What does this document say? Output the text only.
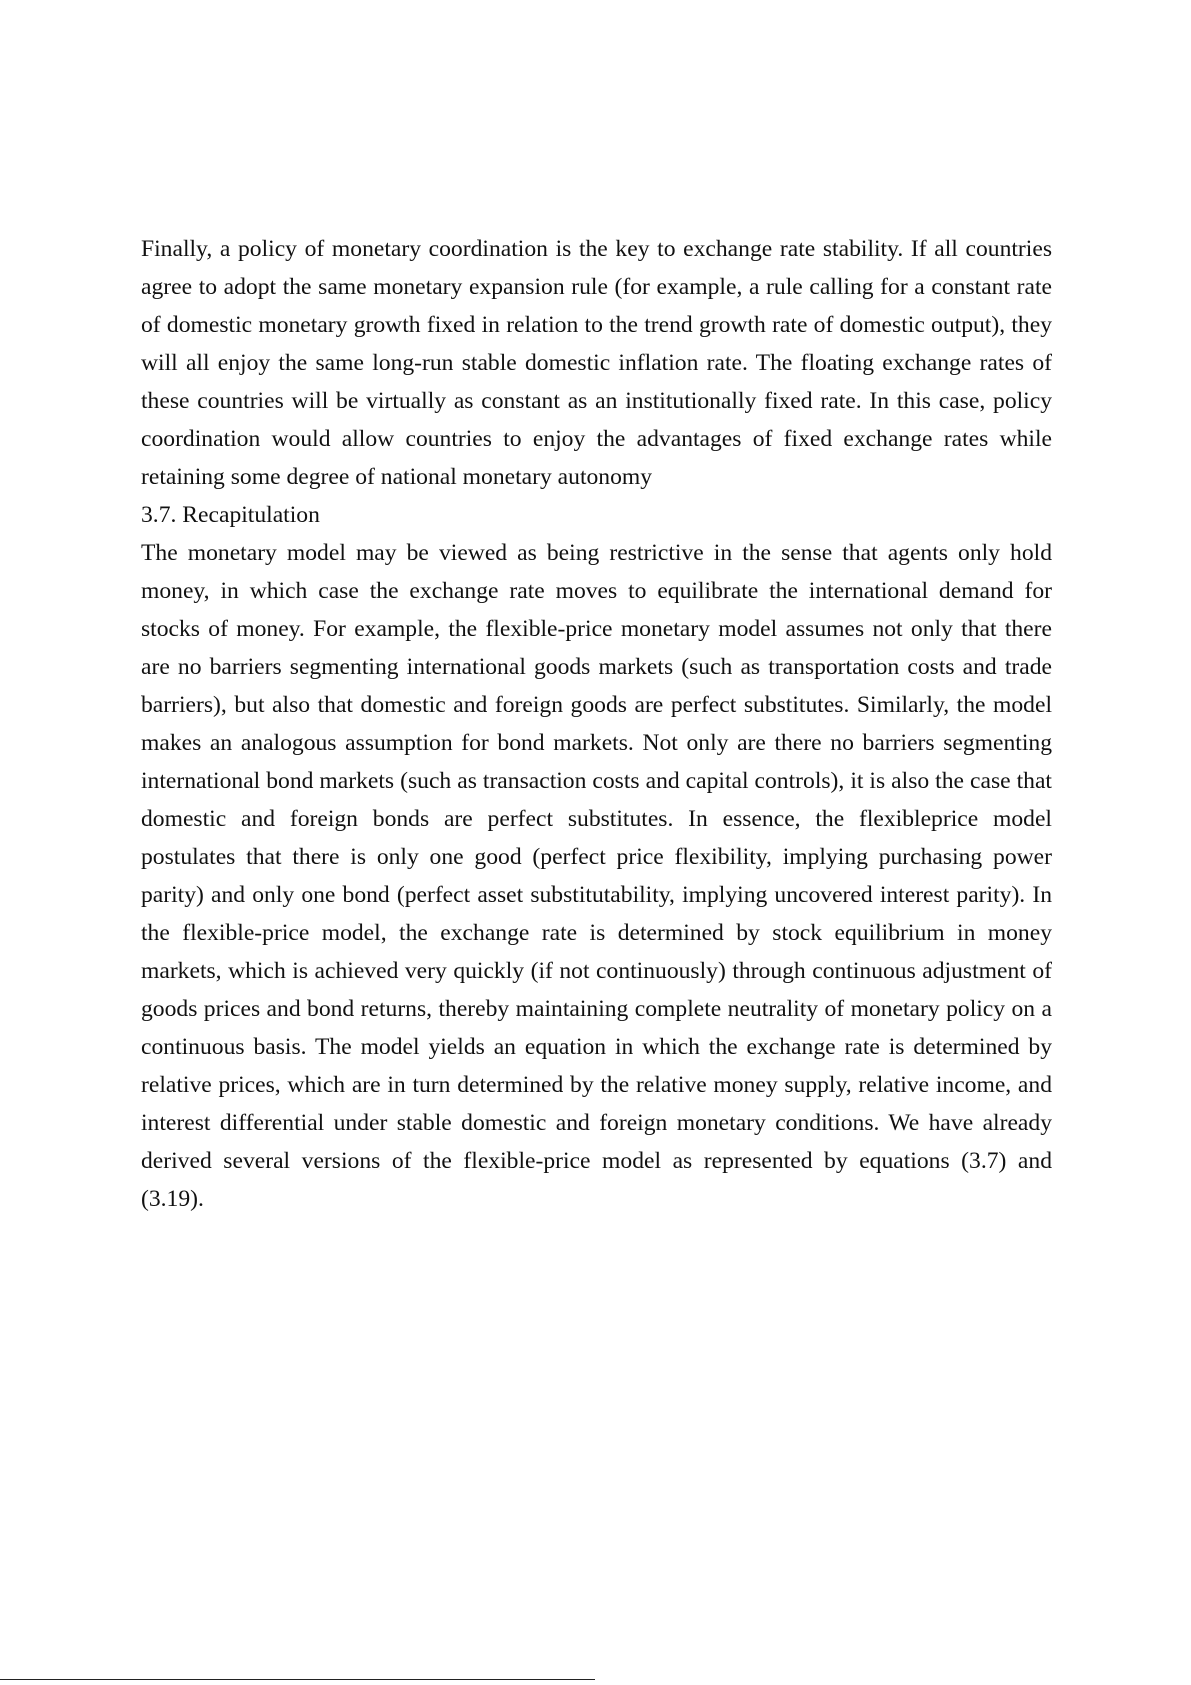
Finally, a policy of monetary coordination is the key to exchange rate stability. If all countries agree to adopt the same monetary expansion rule (for example, a rule calling for a constant rate of domestic monetary growth fixed in relation to the trend growth rate of domestic output), they will all enjoy the same long-run stable domestic inflation rate. The floating exchange rates of these countries will be virtually as constant as an institutionally fixed rate. In this case, policy coordination would allow countries to enjoy the advantages of fixed exchange rates while retaining some degree of national monetary autonomy

3.7. Recapitulation

The monetary model may be viewed as being restrictive in the sense that agents only hold money, in which case the exchange rate moves to equilibrate the international demand for stocks of money. For example, the flexible-price monetary model assumes not only that there are no barriers segmenting international goods markets (such as transportation costs and trade barriers), but also that domestic and foreign goods are perfect substitutes. Similarly, the model makes an analogous assumption for bond markets. Not only are there no barriers segmenting international bond markets (such as transaction costs and capital controls), it is also the case that domestic and foreign bonds are perfect substitutes. In essence, the flexibleprice model postulates that there is only one good (perfect price flexibility, implying purchasing power parity) and only one bond (perfect asset substitutability, implying uncovered interest parity). In the flexible-price model, the exchange rate is determined by stock equilibrium in money markets, which is achieved very quickly (if not continuously) through continuous adjustment of goods prices and bond returns, thereby maintaining complete neutrality of monetary policy on a continuous basis. The model yields an equation in which the exchange rate is determined by relative prices, which are in turn determined by the relative money supply, relative income, and interest differential under stable domestic and foreign monetary conditions. We have already derived several versions of the flexible-price model as represented by equations (3.7) and (3.19).
